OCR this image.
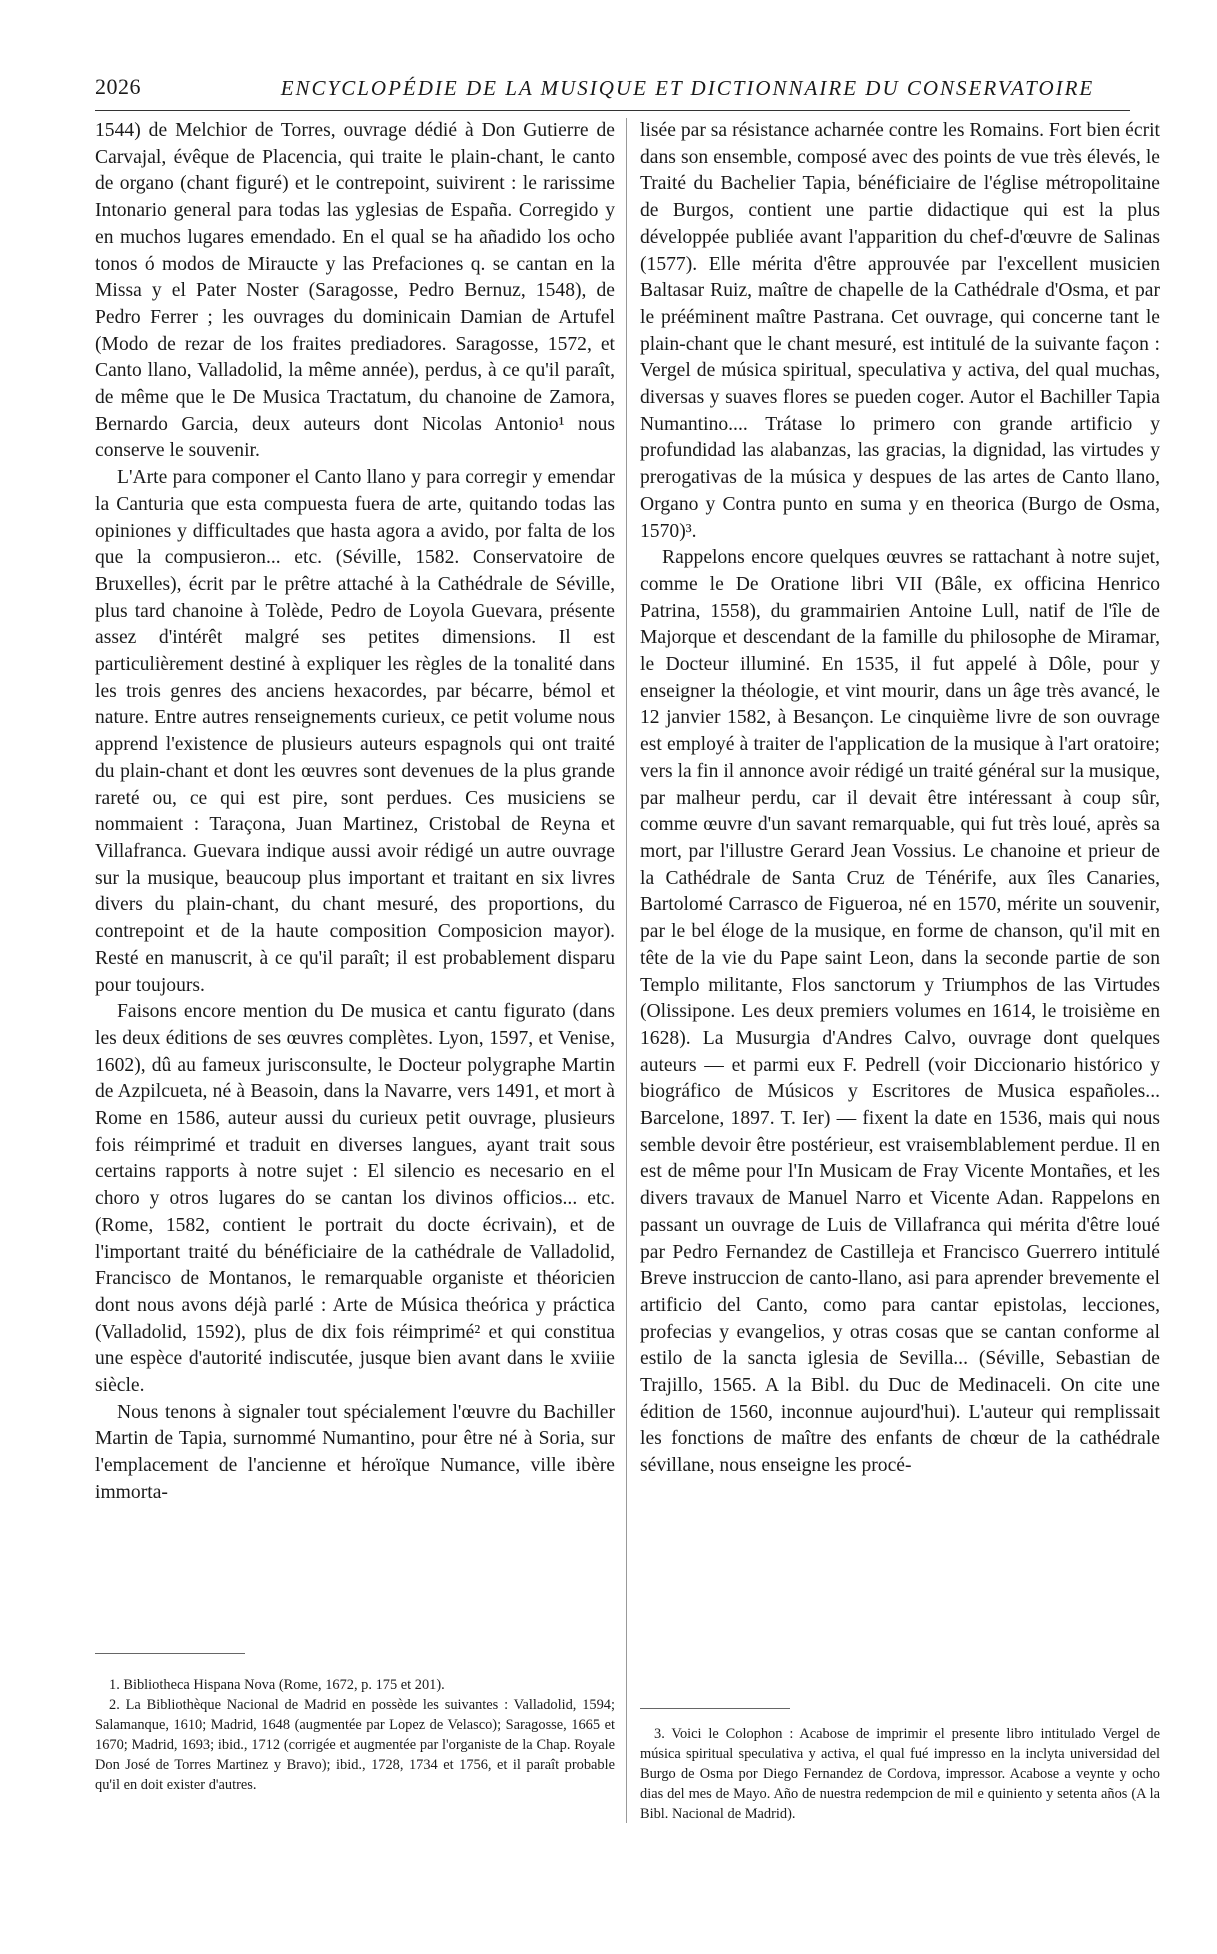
2026	ENCYCLOPÉDIE DE LA MUSIQUE ET DICTIONNAIRE DU CONSERVATOIRE

1544) de Melchior de Torres, ouvrage dédié à Don Gutierre de Carvajal, évêque de Placencia, qui traite le plain-chant, le canto de organo (chant figuré) et le contrepoint, suivirent : le rarissime Intonario general para todas las yglesias de España. Corregido y en muchos lugares emendado. En el qual se ha añadido los ocho tonos ó modos de Miraucte y las Prefaciones q. se cantan en la Missa y el Pater Noster (Saragosse, Pedro Bernuz, 1548), de Pedro Ferrer ; les ouvrages du dominicain Damian de Artufel (Modo de rezar de los fraites prediadores. Saragosse, 1572, et Canto llano, Valladolid, la même année), perdus, à ce qu'il paraît, de même que le De Musica Tractatum, du chanoine de Zamora, Bernardo Garcia, deux auteurs dont Nicolas Antonio¹ nous conserve le souvenir.

L'Arte para componer el Canto llano y para corregir y emendar la Canturia que esta compuesta fuera de arte, quitando todas las opiniones y difficultades que hasta agora a avido, por falta de los que la compusieron... etc. (Séville, 1582. Conservatoire de Bruxelles), écrit par le prêtre attaché à la Cathédrale de Séville, plus tard chanoine à Tolède, Pedro de Loyola Guevara, présente assez d'intérêt malgré ses petites dimensions. Il est particulièrement destiné à expliquer les règles de la tonalité dans les trois genres des anciens hexacordes, par bécarre, bémol et nature. Entre autres renseignements curieux, ce petit volume nous apprend l'existence de plusieurs auteurs espagnols qui ont traité du plain-chant et dont les œuvres sont devenues de la plus grande rareté ou, ce qui est pire, sont perdues. Ces musiciens se nommaient : Taraçona, Juan Martinez, Cristobal de Reyna et Villafranca. Guevara indique aussi avoir rédigé un autre ouvrage sur la musique, beaucoup plus important et traitant en six livres divers du plain-chant, du chant mesuré, des proportions, du contrepoint et de la haute composition Composicion mayor). Resté en manuscrit, à ce qu'il paraît; il est probablement disparu pour toujours.

Faisons encore mention du De musica et cantu figurato (dans les deux éditions de ses œuvres complètes. Lyon, 1597, et Venise, 1602), dû au fameux jurisconsulte, le Docteur polygraphe Martin de Azpilcueta, né à Beasoin, dans la Navarre, vers 1491, et mort à Rome en 1586, auteur aussi du curieux petit ouvrage, plusieurs fois réimprimé et traduit en diverses langues, ayant trait sous certains rapports à notre sujet : El silencio es necesario en el choro y otros lugares do se cantan los divinos officios... etc. (Rome, 1582, contient le portrait du docte écrivain), et de l'important traité du bénéficiaire de la cathédrale de Valladolid, Francisco de Montanos, le remarquable organiste et théoricien dont nous avons déjà parlé : Arte de Música theórica y práctica (Valladolid, 1592), plus de dix fois réimprimé² et qui constitua une espèce d'autorité indiscutée, jusque bien avant dans le xviiie siècle.

Nous tenons à signaler tout spécialement l'œuvre du Bachiller Martin de Tapia, surnommé Numantino, pour être né à Soria, sur l'emplacement de l'ancienne et héroïque Numance, ville ibère immorta-

lisée par sa résistance acharnée contre les Romains. Fort bien écrit dans son ensemble, composé avec des points de vue très élevés, le Traité du Bachelier Tapia, bénéficiaire de l'église métropolitaine de Burgos, contient une partie didactique qui est la plus développée publiée avant l'apparition du chef-d'œuvre de Salinas (1577). Elle mérita d'être approuvée par l'excellent musicien Baltasar Ruiz, maître de chapelle de la Cathédrale d'Osma, et par le prééminent maître Pastrana. Cet ouvrage, qui concerne tant le plain-chant que le chant mesuré, est intitulé de la suivante façon : Vergel de música spiritual, speculativa y activa, del qual muchas, diversas y suaves flores se pueden coger. Autor el Bachiller Tapia Numantino.... Trátase lo primero con grande artificio y profundidad las alabanzas, las gracias, la dignidad, las virtudes y prerogativas de la música y despues de las artes de Canto llano, Organo y Contra punto en suma y en theorica (Burgo de Osma, 1570)³.

Rappelons encore quelques œuvres se rattachant à notre sujet, comme le De Oratione libri VII (Bâle, ex officina Henrico Patrina, 1558), du grammairien Antoine Lull, natif de l'île de Majorque et descendant de la famille du philosophe de Miramar, le Docteur illuminé. En 1535, il fut appelé à Dôle, pour y enseigner la théologie, et vint mourir, dans un âge très avancé, le 12 janvier 1582, à Besançon. Le cinquième livre de son ouvrage est employé à traiter de l'application de la musique à l'art oratoire; vers la fin il annonce avoir rédigé un traité général sur la musique, par malheur perdu, car il devait être intéressant à coup sûr, comme œuvre d'un savant remarquable, qui fut très loué, après sa mort, par l'illustre Gerard Jean Vossius. Le chanoine et prieur de la Cathédrale de Santa Cruz de Ténérife, aux îles Canaries, Bartolomé Carrasco de Figueroa, né en 1570, mérite un souvenir, par le bel éloge de la musique, en forme de chanson, qu'il mit en tête de la vie du Pape saint Leon, dans la seconde partie de son Templo militante, Flos sanctorum y Triumphos de las Virtudes (Olissipone. Les deux premiers volumes en 1614, le troisième en 1628). La Musurgia d'Andres Calvo, ouvrage dont quelques auteurs — et parmi eux F. Pedrell (voir Diccionario histórico y biográfico de Músicos y Escritores de Musica españoles... Barcelone, 1897. T. Ier) — fixent la date en 1536, mais qui nous semble devoir être postérieur, est vraisemblablement perdue. Il en est de même pour l'In Musicam de Fray Vicente Montañes, et les divers travaux de Manuel Narro et Vicente Adan. Rappelons en passant un ouvrage de Luis de Villafranca qui mérita d'être loué par Pedro Fernandez de Castilleja et Francisco Guerrero intitulé Breve instruccion de canto-llano, asi para aprender brevemente el artificio del Canto, como para cantar epistolas, lecciones, profecias y evangelios, y otras cosas que se cantan conforme al estilo de la sancta iglesia de Sevilla... (Séville, Sebastian de Trajillo, 1565. A la Bibl. du Duc de Medinaceli. On cite une édition de 1560, inconnue aujourd'hui). L'auteur qui remplissait les fonctions de maître des enfants de chœur de la cathédrale sévillane, nous enseigne les procé-

1. Bibliotheca Hispana Nova (Rome, 1672, p. 175 et 201).

2. La Bibliothèque Nacional de Madrid en possède les suivantes : Valladolid, 1594; Salamanque, 1610; Madrid, 1648 (augmentée par Lopez de Velasco); Saragosse, 1665 et 1670; Madrid, 1693; ibid., 1712 (corrigée et augmentée par l'organiste de la Chap. Royale Don José de Torres Martinez y Bravo); ibid., 1728, 1734 et 1756, et il paraît probable qu'il en doit exister d'autres.

3. Voici le Colophon : Acabose de imprimir el presente libro intitulado Vergel de música spiritual speculativa y activa, el qual fué impresso en la inclyta universidad del Burgo de Osma por Diego Fernandez de Cordova, impressor. Acabose a veynte y ocho dias del mes de Mayo. Año de nuestra redempcion de mil e quiniento y setenta años (A la Bibl. Nacional de Madrid).
